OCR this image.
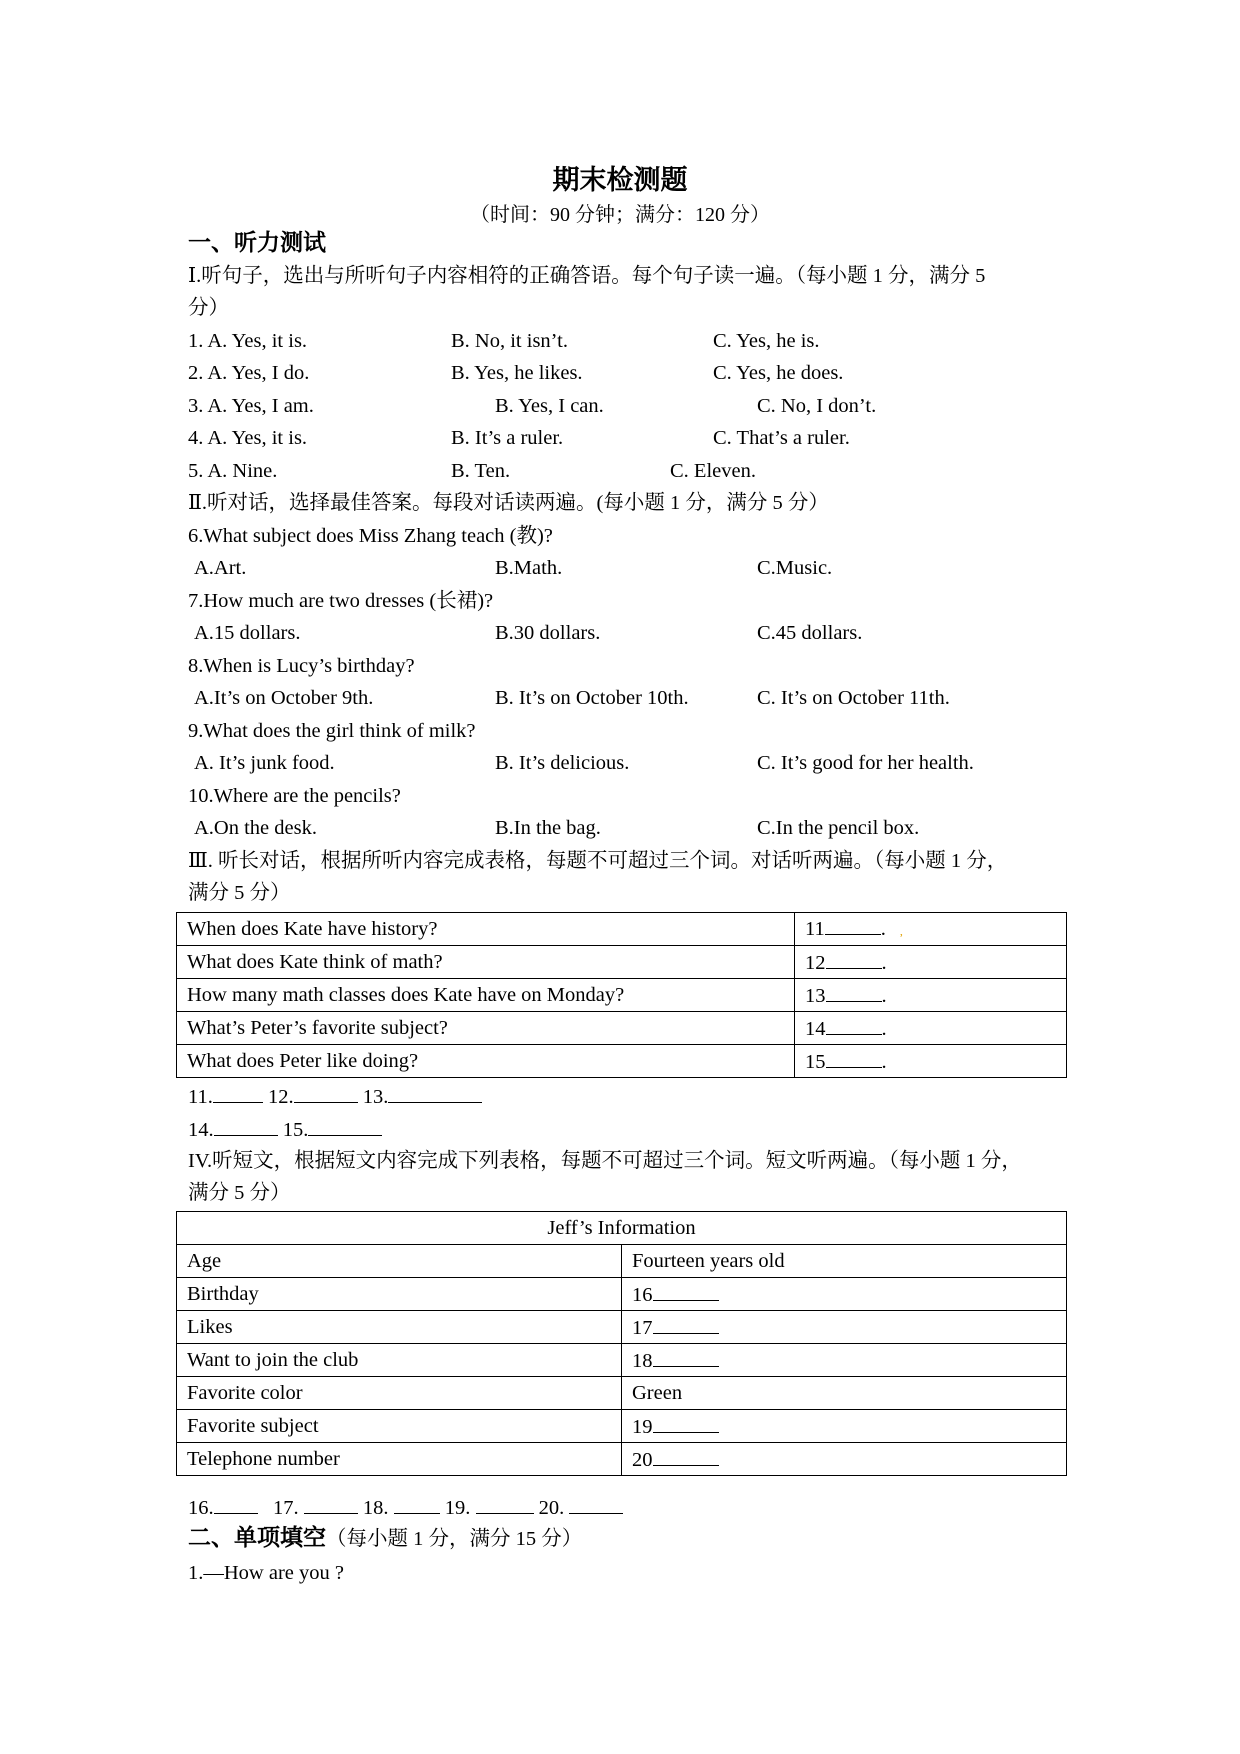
期末检测题
（时间：90 分钟；满分：120 分）
一、听力测试
Ⅰ.听句子，选出与所听句子内容相符的正确答语。每个句子读一遍。（每小题 1 分，满分 5
分）
1. A. Yes, it is.	B. No, it isn’t.	C. Yes, he is.
2. A. Yes, I do.	B. Yes, he likes.	C. Yes, he does.
3. A. Yes, I am.	B. Yes, I can.	C. No, I don’t.
4. A. Yes, it is.	B. It’s a ruler.	C. That’s a ruler.
5. A. Nine.	B. Ten.	C. Eleven.
Ⅱ.听对话，选择最佳答案。每段对话读两遍。(每小题 1 分，满分 5 分）
6.What subject does Miss Zhang teach (教)?
A.Art.	B.Math.	C.Music.
7.How much are two dresses (长裙)?
A.15 dollars.	B.30 dollars.	C.45 dollars.
8.When is Lucy’s birthday?
A.It’s on October 9th.	B. It’s on October 10th.	C. It’s on October 11th.
9.What does the girl think of milk?
A. It’s junk food.	B. It’s delicious.	C. It’s good for her health.
10.Where are the pencils?
A.On the desk.	B.In the bag.	C.In the pencil box.
Ⅲ. 听长对话，根据所听内容完成表格，每题不可超过三个词。对话听两遍。（每小题 1 分，
满分 5 分）
When does Kate have history?	11 . ,
What does Kate think of math?	12 .
How many math classes does Kate have on Monday?	13 .
What’s Peter’s favorite subject?	14 .
What does Peter like doing?	15 .
11.	12.	13.
14.	15.
IV.听短文，根据短文内容完成下列表格，每题不可超过三个词。短文听两遍。（每小题 1 分，
满分 5 分）
Jeff’s Information	
Age	Fourteen years old
Birthday	16
Likes	17
Want to join the club	18
Favorite color	Green
Favorite subject	19
Telephone number	20
16.	17.	18.	19.	20.
二、单项填空（每小题 1 分，满分 15 分）
1.—How are you ?
